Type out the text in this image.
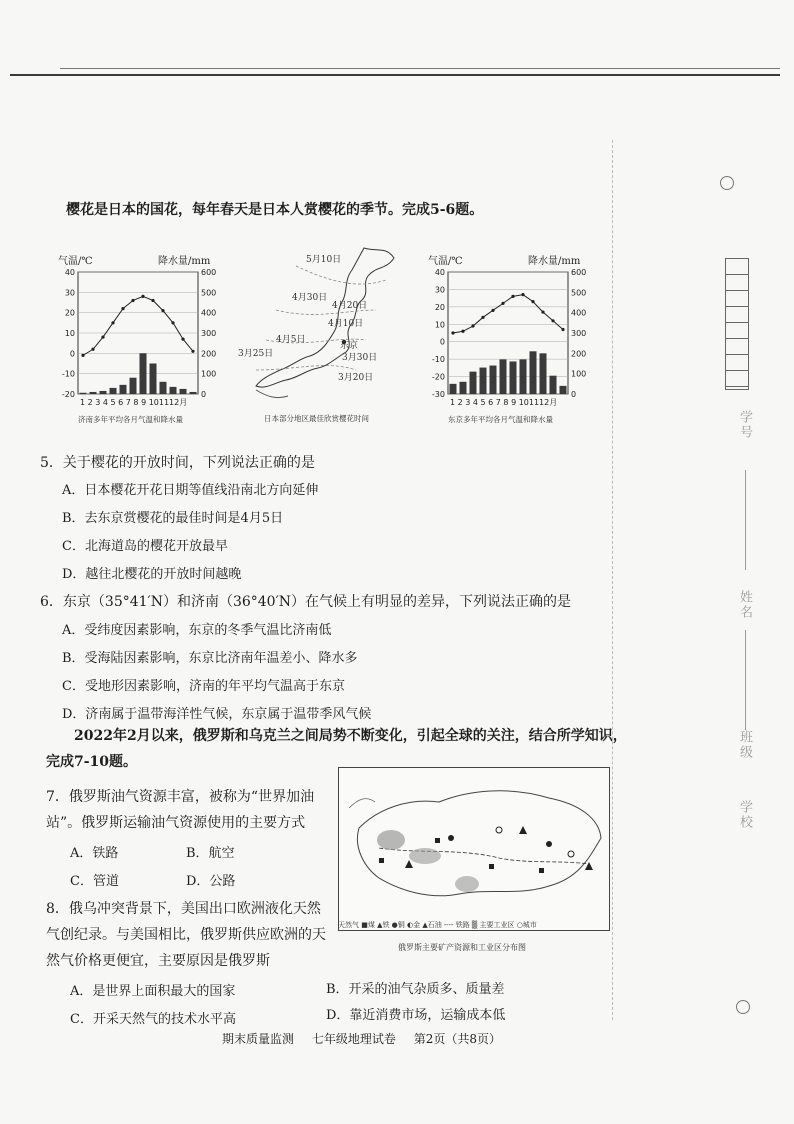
学号
姓名
班级
学校
樱花是日本的国花，每年春天是日本人赏樱花的季节。完成5-6题。
气温/℃	降水量/mm
40
30
20
10
0
-10
-20
600
500
400
300
200
100
0
1 2 3 4 5 6 7 8 9 101112月
济南多年平均各月气温和降水量
5月10日
4月30日
4月20日
4月10日
4月5日
3月25日
东京
3月30日
3月20日
日本部分地区最佳欣赏樱花时间
气温/℃	降水量/mm
40
30
20
10
0
-10
-20
-30
600
500
400
300
200
100
0
1 2 3 4 5 6 7 8 9 101112月
东京多年平均各月气温和降水量
5．关于樱花的开放时间，下列说法正确的是
A．日本樱花开花日期等值线沿南北方向延伸
B．去东京赏樱花的最佳时间是4月5日
C．北海道岛的樱花开放最早
D．越往北樱花的开放时间越晚
6．东京（35°41′N）和济南（36°40′N）在气候上有明显的差异，下列说法正确的是
A．受纬度因素影响，东京的冬季气温比济南低
B．受海陆因素影响，东京比济南年温差小、降水多
C．受地形因素影响，济南的年平均气温高于东京
D．济南属于温带海洋性气候，东京属于温带季风气候
2022年2月以来，俄罗斯和乌克兰之间局势不断变化，引起全球的关注，结合所学知识，
完成7-10题。
7．俄罗斯油气资源丰富，被称为“世界加油
站”。俄罗斯运输油气资源使用的主要方式
A．铁路	B．航空
C．管道	D．公路
8．俄乌冲突背景下，美国出口欧洲液化天然
气创纪录。与美国相比，俄罗斯供应欧洲的天
然气价格更便宜，主要原因是俄罗斯
A．是世界上面积最大的国家	B．开采的油气杂质多、质量差
C．开采天然气的技术水平高	D．靠近消费市场，运输成本低
天然气 ■煤 ▲铁 ●铜 ◐金 ▲石油 ---- 铁路 ▒ 主要工业区 ○城市
俄罗斯主要矿产资源和工业区分布图
期末质量监测 七年级地理试卷 第2页（共8页）
